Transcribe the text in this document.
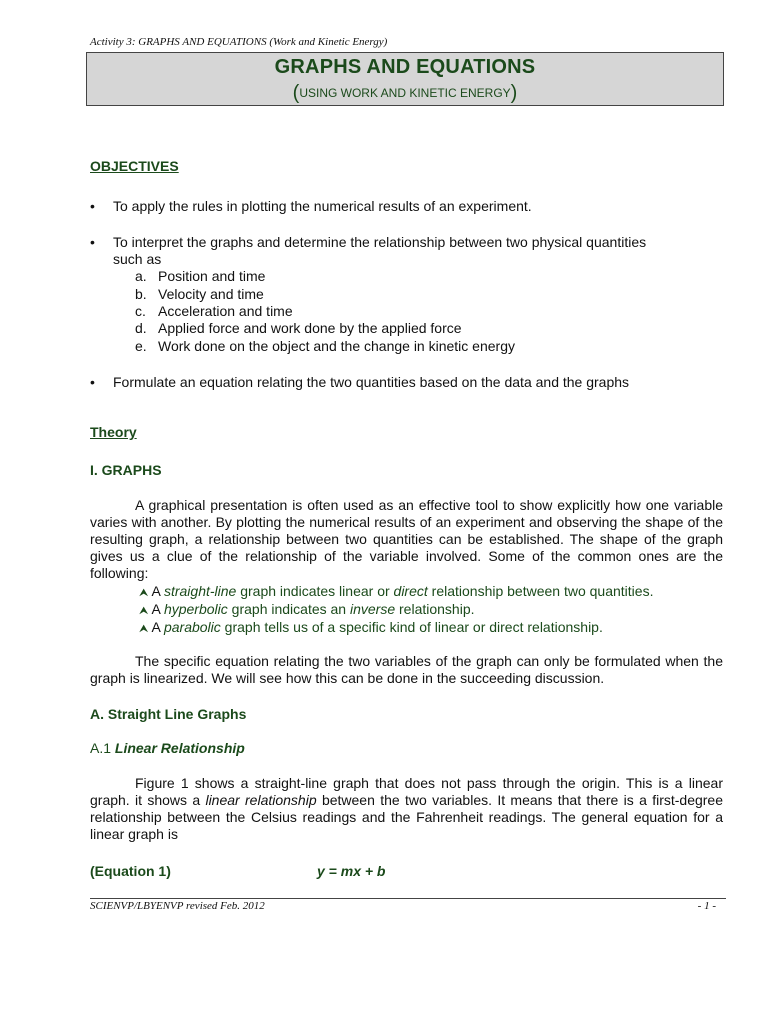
Activity 3: GRAPHS AND EQUATIONS (Work and Kinetic Energy)
GRAPHS AND EQUATIONS
(USING WORK AND KINETIC ENERGY)
OBJECTIVES
• To apply the rules in plotting the numerical results of an experiment.
• To interpret the graphs and determine the relationship between two physical quantities
such as
a. Position and time
b. Velocity and time
c. Acceleration and time
d. Applied force and work done by the applied force
e. Work done on the object and the change in kinetic energy
• Formulate an equation relating the two quantities based on the data and the graphs
Theory
I. GRAPHS
A graphical presentation is often used as an effective tool to show explicitly how one variable varies with another. By plotting the numerical results of an experiment and observing the shape of the resulting graph, a relationship between two quantities can be established. The shape of the graph gives us a clue of the relationship of the variable involved. Some of the common ones are the following:
⮝ A straight-line graph indicates linear or direct relationship between two quantities.
⮝ A hyperbolic graph indicates an inverse relationship.
⮝ A parabolic graph tells us of a specific kind of linear or direct relationship.
The specific equation relating the two variables of the graph can only be formulated when the graph is linearized. We will see how this can be done in the succeeding discussion.
A. Straight Line Graphs
A.1 Linear Relationship
Figure 1 shows a straight-line graph that does not pass through the origin. This is a linear graph. it shows a linear relationship between the two variables. It means that there is a first-degree relationship between the Celsius readings and the Fahrenheit readings. The general equation for a linear graph is
(Equation 1)	y = mx + b
SCIENVP/LBYENVP revised Feb. 2012	- 1 -
